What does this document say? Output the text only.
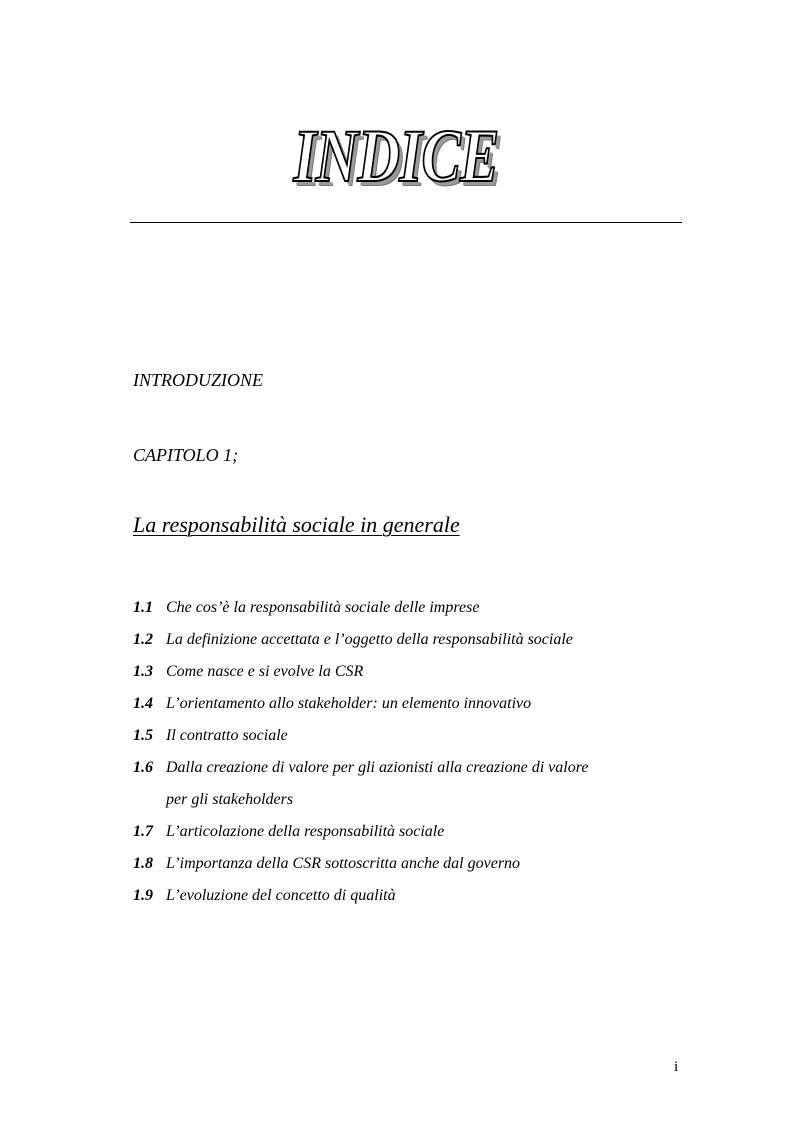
INDICE
INTRODUZIONE
CAPITOLO 1;
La responsabilità sociale in generale
1.1 Che cos’è la responsabilità sociale delle imprese
1.2 La definizione accettata e l’oggetto della responsabilità sociale
1.3 Come nasce e si evolve la CSR
1.4 L’orientamento allo stakeholder: un elemento innovativo
1.5 Il contratto sociale
1.6 Dalla creazione di valore per gli azionisti alla creazione di valore
per gli stakeholders
1.7 L’articolazione della responsabilità sociale
1.8 L’importanza della CSR sottoscritta anche dal governo
1.9 L’evoluzione del concetto di qualità
i
